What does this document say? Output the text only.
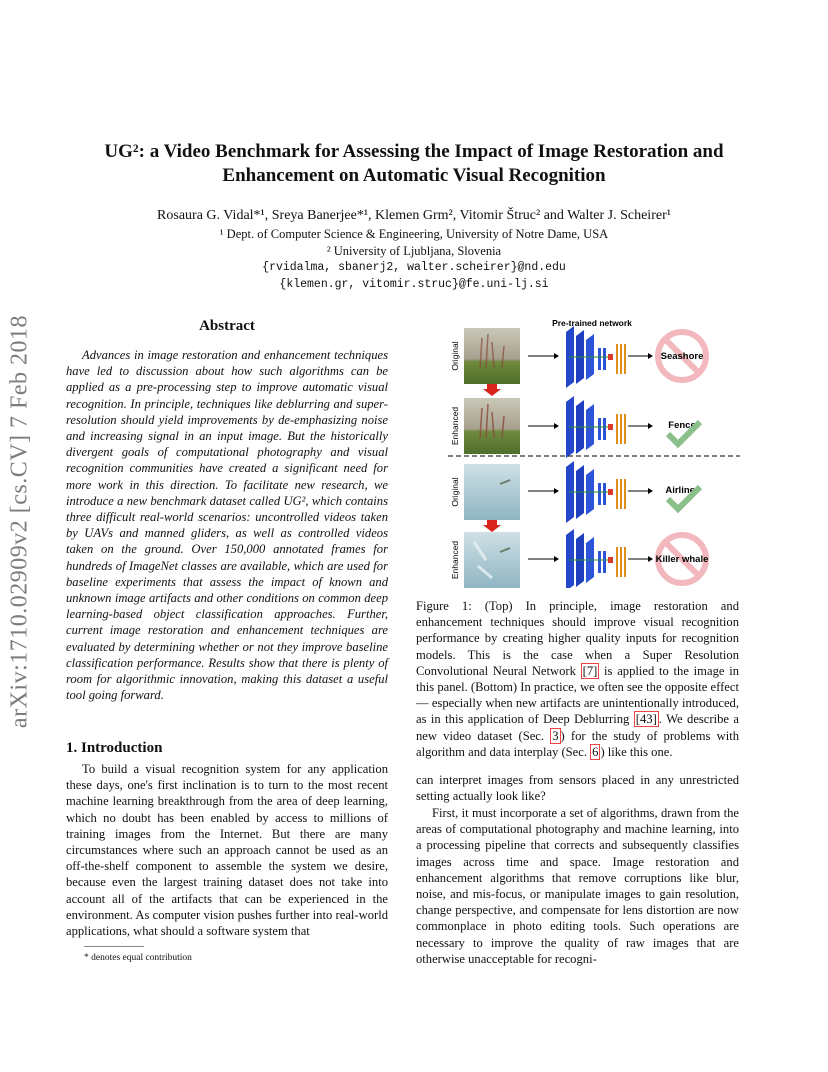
UG²: a Video Benchmark for Assessing the Impact of Image Restoration and
Enhancement on Automatic Visual Recognition
Rosaura G. Vidal*¹, Sreya Banerjee*¹, Klemen Grm², Vitomir Štruc² and Walter J. Scheirer¹
¹ Dept. of Computer Science & Engineering, University of Notre Dame, USA
² University of Ljubljana, Slovenia
{rvidalma, sbanerj2, walter.scheirer}@nd.edu
{klemen.gr, vitomir.struc}@fe.uni-lj.si
arXiv:1710.02909v2 [cs.CV] 7 Feb 2018	Abstract

Advances in image restoration and enhancement techniques have led to discussion about how such algorithms can be applied as a pre-processing step to improve automatic visual recognition. In principle, techniques like deblurring and super-resolution should yield improvements by de-emphasizing noise and increasing signal in an input image. But the historically divergent goals of computational photography and visual recognition communities have created a significant need for more work in this direction. To facilitate new research, we introduce a new benchmark dataset called UG², which contains three difficult real-world scenarios: uncontrolled videos taken by UAVs and manned gliders, as well as controlled videos taken on the ground. Over 150,000 annotated frames for hundreds of ImageNet classes are available, which are used for baseline experiments that assess the impact of known and unknown image artifacts and other conditions on common deep learning-based object classification approaches. Further, current image restoration and enhancement techniques are evaluated by determining whether or not they improve baseline classification performance. Results show that there is plenty of room for algorithmic innovation, making this dataset a useful tool going forward.

1. Introduction

To build a visual recognition system for any application these days, one's first inclination is to turn to the most recent machine learning breakthrough from the area of deep learning, which no doubt has been enabled by access to millions of training images from the Internet. But there are many circumstances where such an approach cannot be used as an off-the-shelf component to assemble the system we desire, because even the largest training dataset does not take into account all of the artifacts that can be experienced in the environment. As computer vision pushes further into real-world applications, what should a software system that

* denotes equal contribution
Pre-trained network
Original	Seashore
Enhanced	Fence
Original	Airliner
Enhanced	Killer whale

Figure 1: (Top) In principle, image restoration and enhancement techniques should improve visual recognition performance by creating higher quality inputs for recognition models. This is the case when a Super Resolution Convolutional Neural Network [7] is applied to the image in this panel. (Bottom) In practice, we often see the opposite effect — especially when new artifacts are unintentionally introduced, as in this application of Deep Deblurring [43] . We describe a new video dataset (Sec. 3 ) for the study of problems with algorithm and data interplay (Sec. 6 ) like this one.

can interpret images from sensors placed in any unrestricted setting actually look like?

First, it must incorporate a set of algorithms, drawn from the areas of computational photography and machine learning, into a processing pipeline that corrects and subsequently classifies images across time and space. Image restoration and enhancement algorithms that remove corruptions like blur, noise, and mis-focus, or manipulate images to gain resolution, change perspective, and compensate for lens distortion are now commonplace in photo editing tools. Such operations are necessary to improve the quality of raw images that are otherwise unacceptable for recogni-
